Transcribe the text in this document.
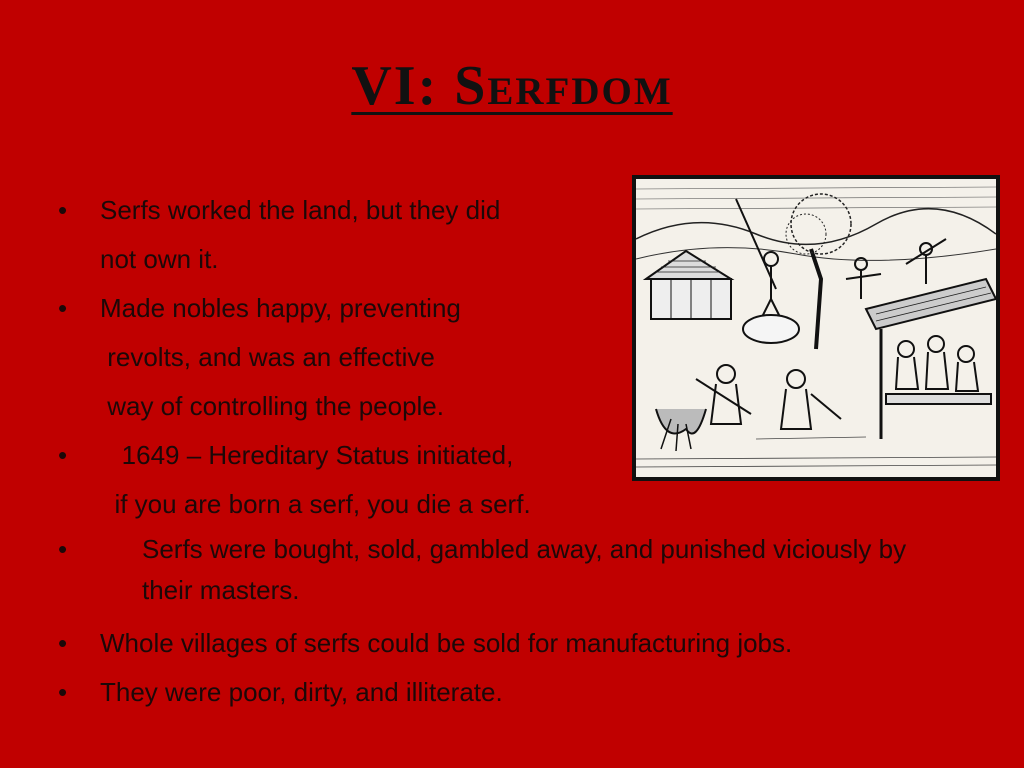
VI: Serfdom
•	Serfs worked the land, but they did
not own it.
•	Made nobles happy, preventing
revolts, and was an effective
way of controlling the people.
•	1649 – Hereditary Status initiated,
if you are born a serf, you die a serf.
•	Serfs were bought, sold, gambled away, and punished viciously by their masters.
•	Whole villages of serfs could be sold for manufacturing jobs.
•	They were poor, dirty, and illiterate.
